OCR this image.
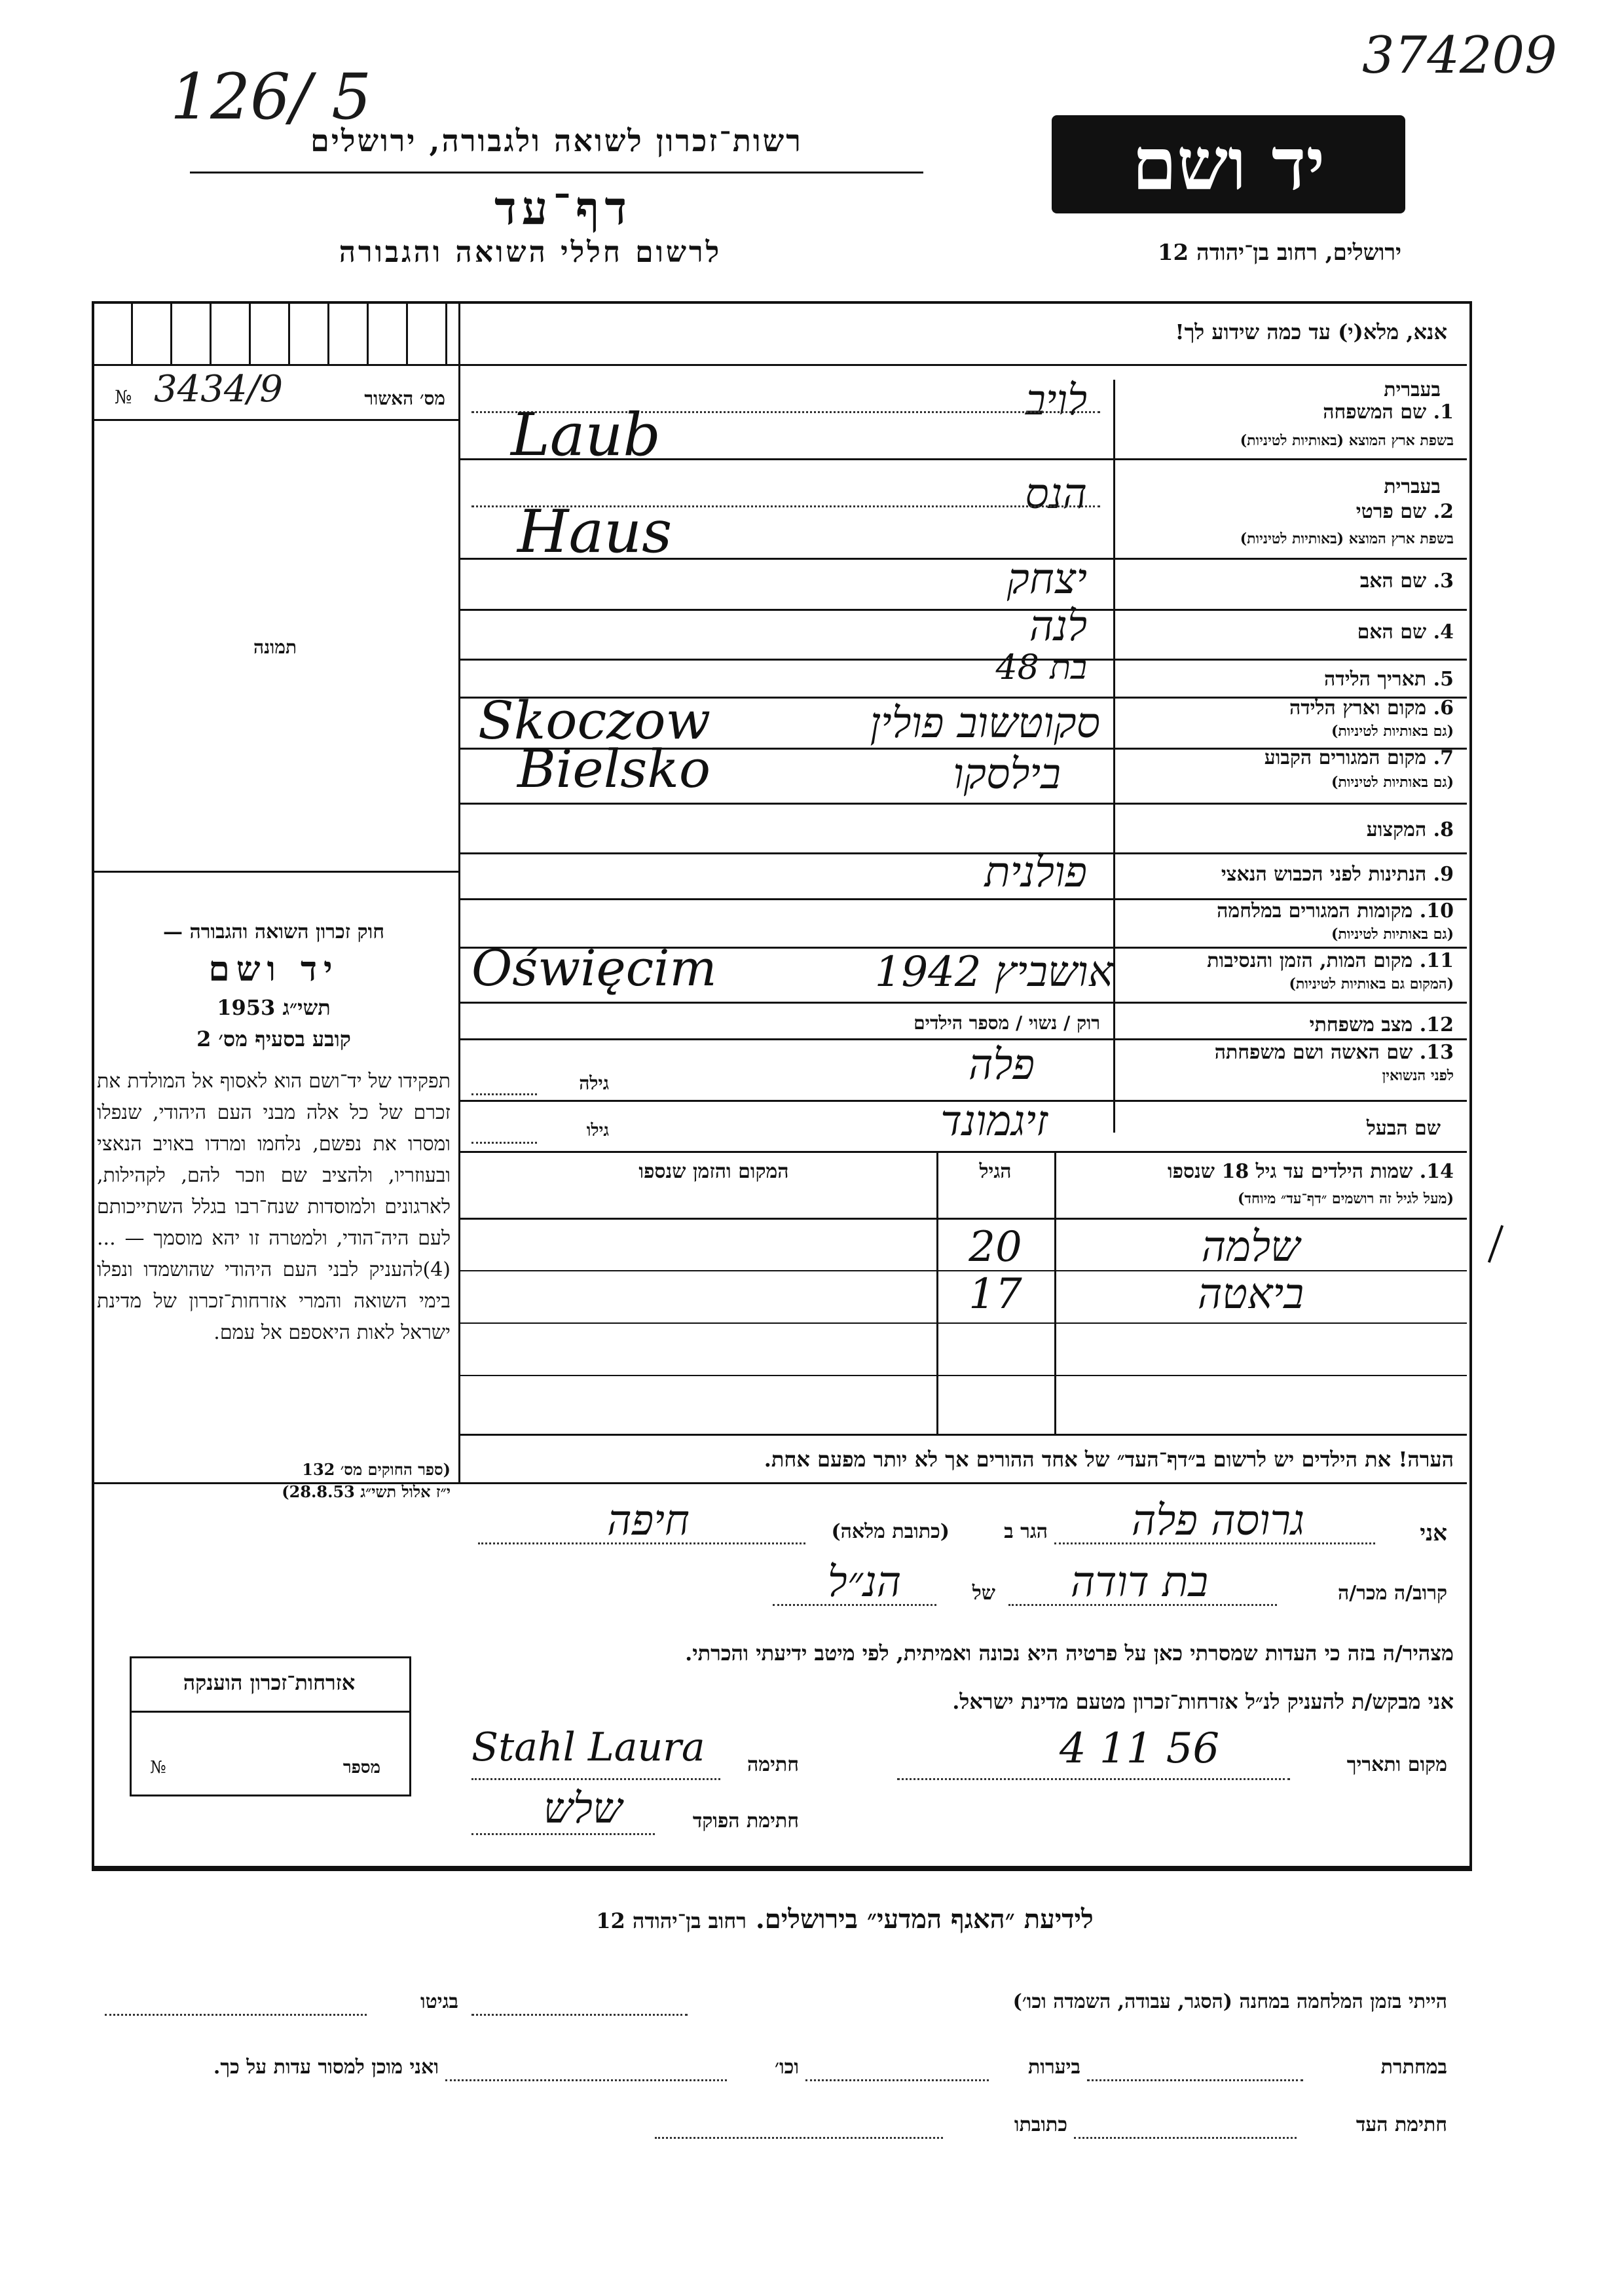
374209
126/ 5
רשות־זכרון לשואה ולגבורה, ירושלים
דף־עד
לרשום חללי השואה והגבורה
יד ושם
ירושלים, רחוב בן־יהודה 12
אנא, מלא(י) עד כמה שידוע לך!
№ 3434/9	מס׳ האשור
תמונה
חוק זכרון השואה והגבורה —
יד ושם
תשי״ג 1953
קובע בסעיף מס׳ 2
תפקידו של יד־ושם הוא לאסוף אל המולדת את זכרם של כל אלה מבני העם היהודי, שנפלו ומסרו את נפשם, נלחמו ומרדו באויב הנאצי ובעוזריו, ולהציב שם וזכר להם, לקהילות, לארגונים ולמוסדות שנח־רבו בגלל השתייכותם לעם היה־הודי, ולמטרה זו יהא מוסמך — ...(4)להעניק לבני העם היהודי שהושמדו ונפלו בימי השואה והמרי אזרחות־זכרון של מדינת ישראל לאות היאספם אל עמם.
(ספר החוקים מס׳ 132
י״ז אלול תשי״ג 28.8.53)
1. שם המשפחה
בעברית
בשפת ארץ המוצא (באותיות לטיניות)
לויב
Laub
2. שם פרטי
בעברית
בשפת ארץ המוצא (באותיות לטיניות)
הנס
Haus
3. שם האב
יצחק
4. שם האם
לנה
5. תאריך הלידה
בת 48
6. מקום וארץ הלידה
(גם באותיות לטיניות)
סקוטשוב פולין
Skoczow
7. מקום המגורים הקבוע
(גם באותיות לטיניות)
בילסקו
Bielsko
8. המקצוע
9. הנתינות לפני הכבוש הנאצי
פולנית
10. מקומות המגורים במלחמה
(גם באותיות לטיניות)
11. מקום המות, הזמן והנסיבות
(המקום גם באותיות לטיניות)
אושביץ 1942
Oświęcim
12. מצב משפחתי
רוק / נשוי / מספר הילדים
13. שם האשה ושם משפחתה
לפני הנשואין
פלה
גילה
שם הבעל
זיגמונד
גילו
14. שמות הילדים עד גיל 18 שנספו
(מעל לגיל זה רושמים ״דף־עד״ מיוחד)
הגיל
המקום והזמן שנספו
שלמה
20
ביאטה
17
הערה! את הילדים יש לרשום ב״דף־העד״ של אחד ההורים אך לא יותר מפעם אחת.
אני
גרוסה פלה
הגר ב
(כתובת מלאה)
חיפה
קרוב/ה מכר/ה
בת דודה
של
הנ״ל
מצהיר/ה בזה כי העדות שמסרתי כאן על פרטיה היא נכונה ואמיתית, לפי מיטב ידיעתי והכרתי.
אני מבקש/ת להעניק לנ״ל אזרחות־זכרון מטעם מדינת ישראל.
מקום ותאריך
4 11 56
חתימה
Stahl Laura
חתימת הפוקד
שלש
אזרחות־זכרון הוענקה
№	מספר
לידיעת ״האגף המדעי״ בירושלים. רחוב בן־יהודה 12
הייתי בזמן המלחמה במחנה (הסגר, עבודה, השמדה וכו׳)
בגיטו
במחתרת
ביערות
וכו׳
ואני מוכן למסור עדות על כך.
חתימת העד
כתובתו
